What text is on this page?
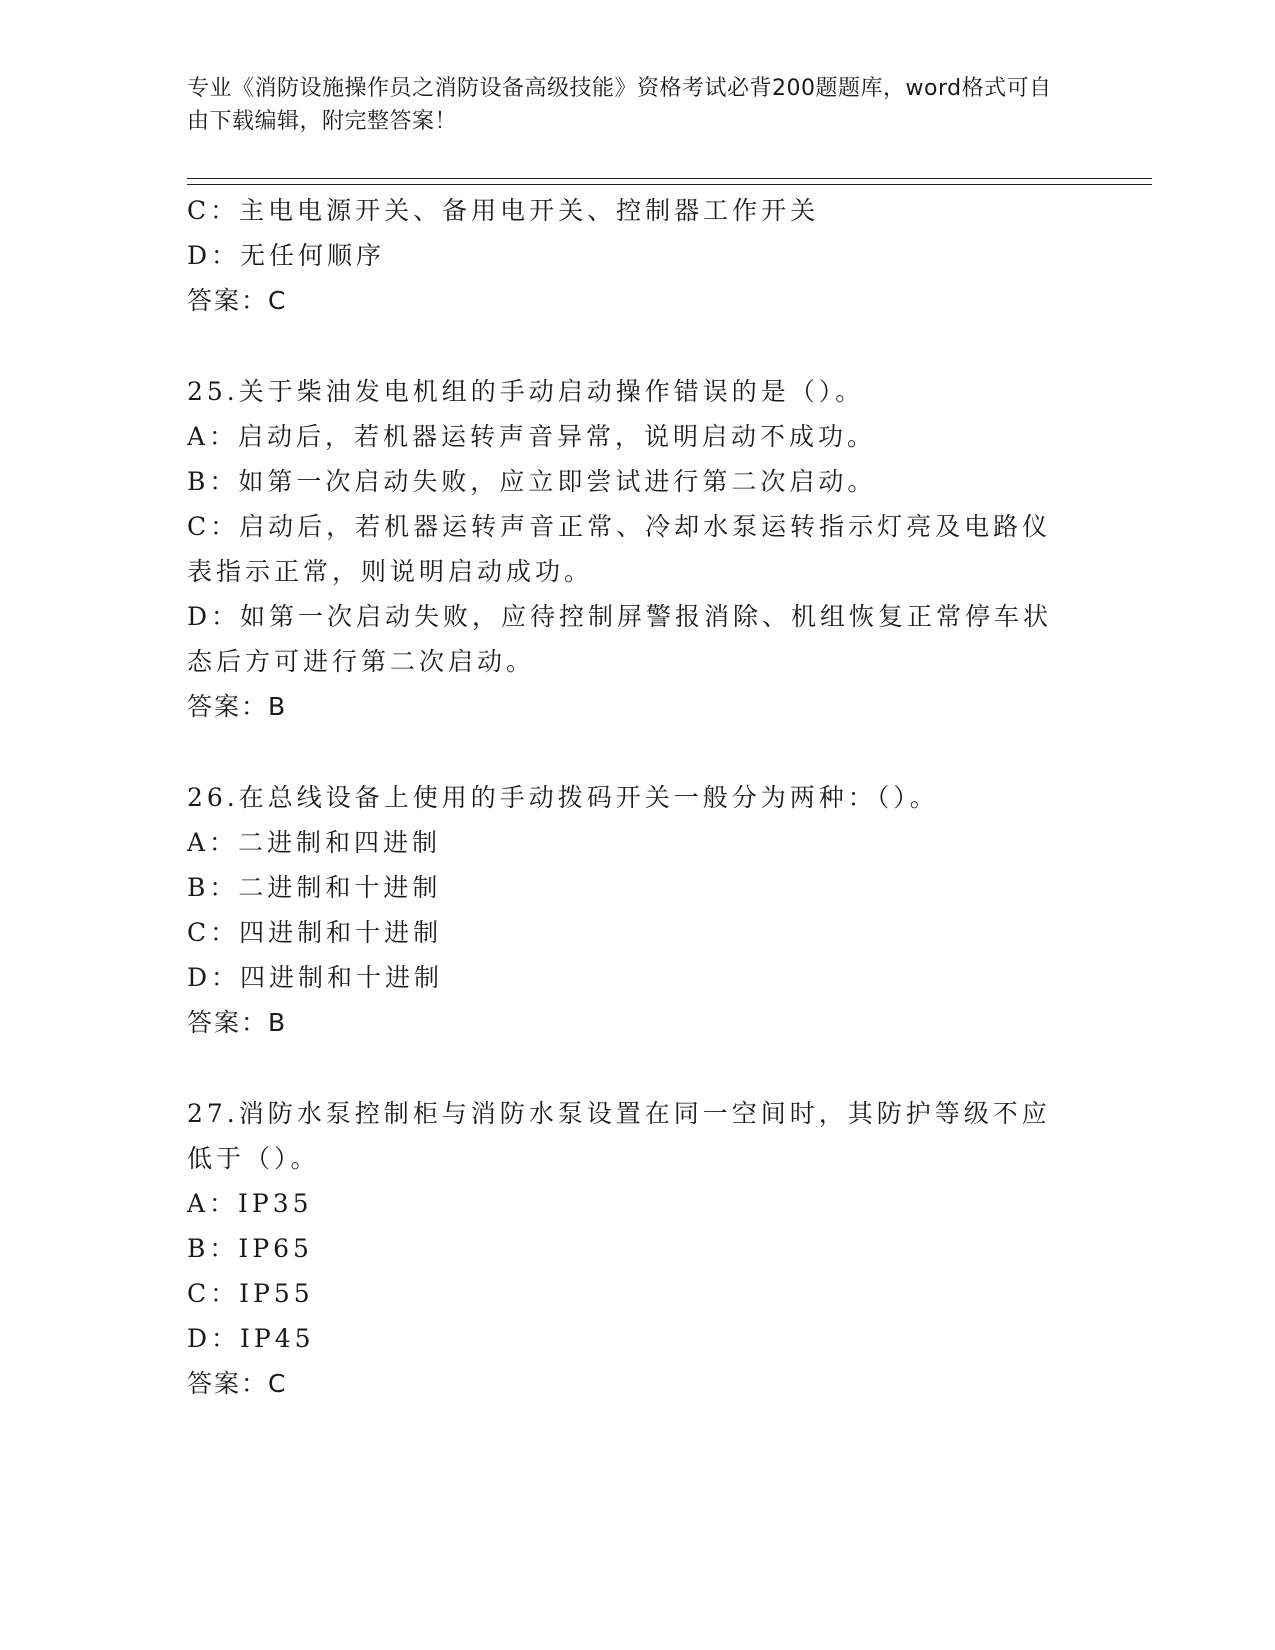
专业《消防设施操作员之消防设备高级技能》资格考试必背200题题库，word格式可自由下载编辑，附完整答案！
C：主电电源开关、备用电开关、控制器工作开关
D：无任何顺序
答案：C
25.关于柴油发电机组的手动启动操作错误的是（）。
A：启动后，若机器运转声音异常，说明启动不成功。
B：如第一次启动失败，应立即尝试进行第二次启动。
C：启动后，若机器运转声音正常、冷却水泵运转指示灯亮及电路仪表指示正常，则说明启动成功。
D：如第一次启动失败，应待控制屏警报消除、机组恢复正常停车状态后方可进行第二次启动。
答案：B
26.在总线设备上使用的手动拨码开关一般分为两种：（）。
A：二进制和四进制
B：二进制和十进制
C：四进制和十进制
D：四进制和十进制
答案：B
27.消防水泵控制柜与消防水泵设置在同一空间时，其防护等级不应低于（）。
A：IP35
B：IP65
C：IP55
D：IP45
答案：C
